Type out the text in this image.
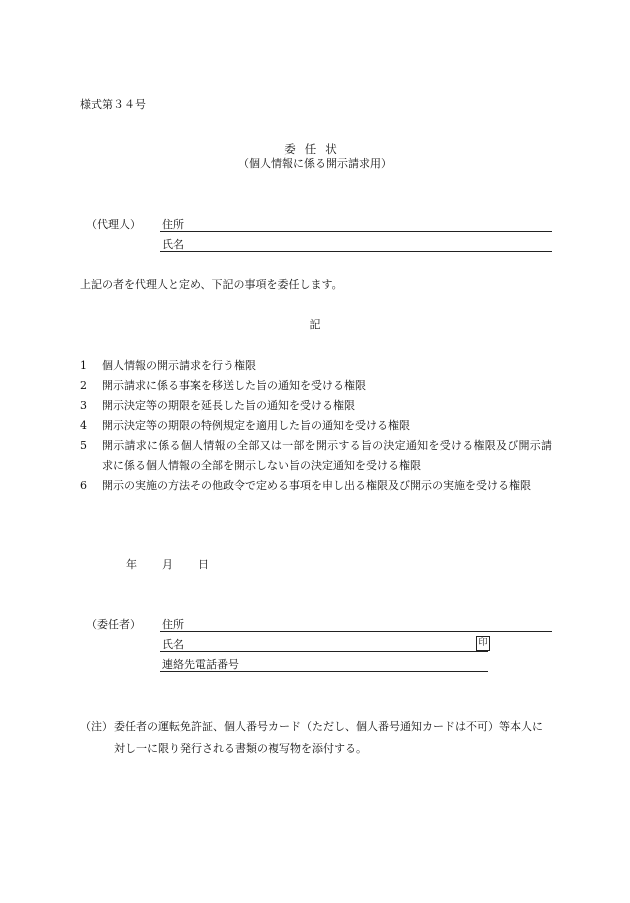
様式第３４号
委任状
（個人情報に係る開示請求用）
（代理人） 住所
氏名
上記の者を代理人と定め、下記の事項を委任します。
記
1 個人情報の開示請求を行う権限
2 開示請求に係る事案を移送した旨の通知を受ける権限
3 開示決定等の期限を延長した旨の通知を受ける権限
4 開示決定等の期限の特例規定を適用した旨の通知を受ける権限
5 開示請求に係る個人情報の全部又は一部を開示する旨の決定通知を受ける権限及び開示請求に係る個人情報の全部を開示しない旨の決定通知を受ける権限
6 開示の実施の方法その他政令で定める事項を申し出る権限及び開示の実施を受ける権限
年 月 日
（委任者） 住所
氏名	印
連絡先電話番号
（注） 委任者の運転免許証、個人番号カード（ただし、個人番号通知カードは不可）等本人に対し一に限り発行される書類の複写物を添付する。
